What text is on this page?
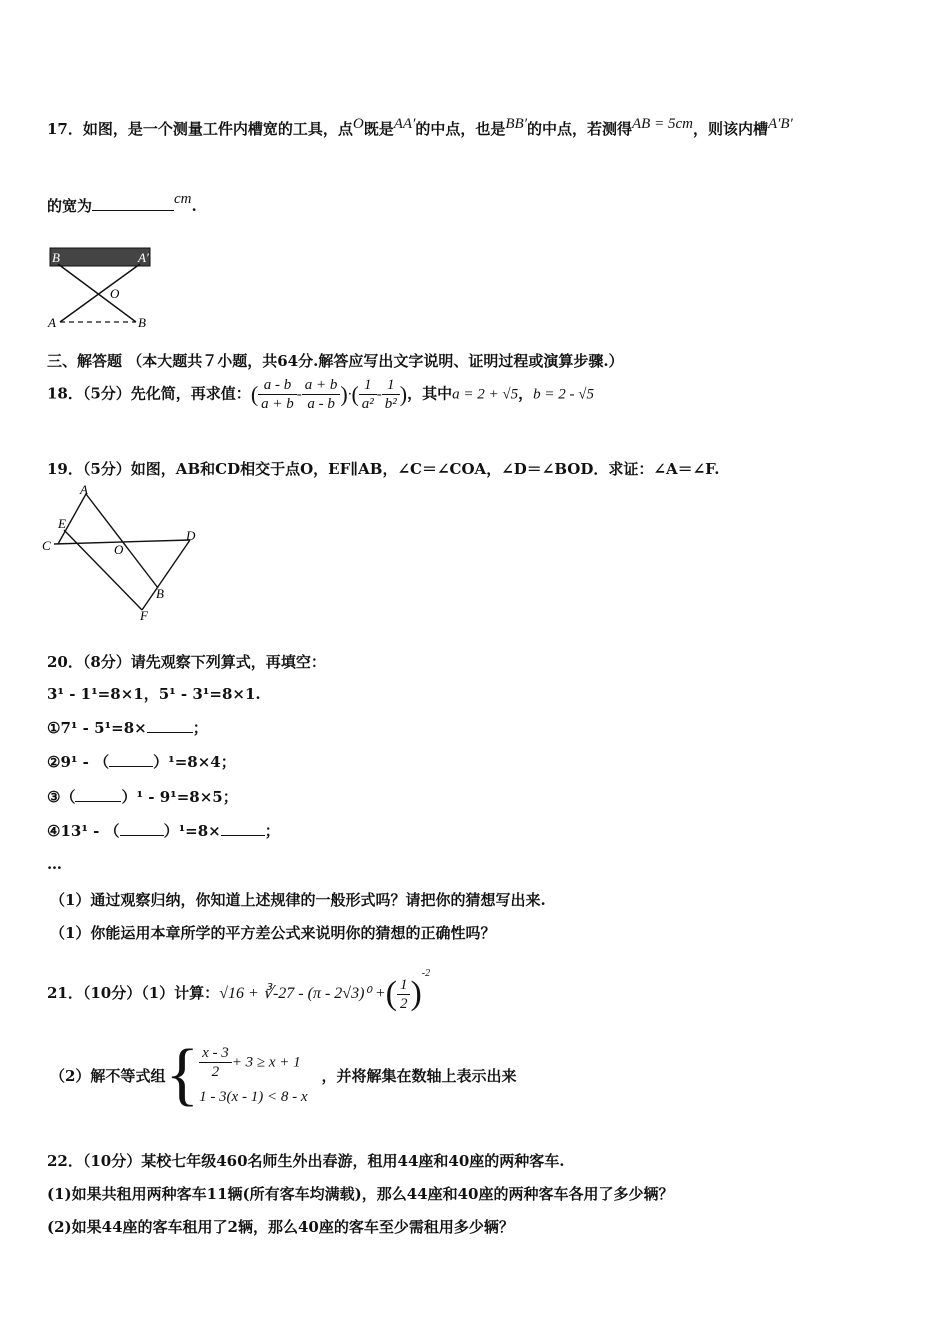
17．如图，是一个测量工件内槽宽的工具，点O既是AA′的中点，也是BB′的中点，若测得AB = 5cm，则该内槽A′B′
的宽为	cm.
B	A′
O
A	B
三、解答题 （本大题共７小题，共64分.解答应写出文字说明、证明过程或演算步骤.）
18．（5分）先化简，再求值：( $\frac{a - b}{a + b} - \frac{a + b}{a - b}$ )·( $\frac{1}{\text{a²}} - \frac{1}{\text{b²}}$ )，其中a = 2 + √5，b = 2 - √5
19．（5分）如图，AB和CD相交于点O，EF∥AB，∠C＝∠COA，∠D＝∠BOD．求证：∠A＝∠F.
A
E
C	O
D
B
F
20．（8分）请先观察下列算式，再填空：
3¹ - 1¹=8×1，5¹ - 3¹=8×1.
①7¹ - 5¹=8×	；
②9¹ - （	）¹=8×4；
③（	）¹ - 9¹=8×5；
④13¹ - （	）¹=8×	；
…
（1）通过观察归纳，你知道上述规律的一般形式吗？请把你的猜想写出来.
（1）你能运用本章所学的平方差公式来说明你的猜想的正确性吗？
21．（10分）（1）计算：√16 + ∛-27 - (π - 2√3)⁰ +( $\frac{1}{2} )^{-2}$
（2）解不等式组{ $\frac{x - 3}{2} + 3 \ge x + 1$
1 - 3(x - 1) < 8 - x
，并将解集在数轴上表示出来
22．（10分）某校七年级460名师生外出春游，租用44座和40座的两种客车.
(1)如果共租用两种客车11辆(所有客车均满载)，那么44座和40座的两种客车各用了多少辆？
(2)如果44座的客车租用了2辆，那么40座的客车至少需租用多少辆？
